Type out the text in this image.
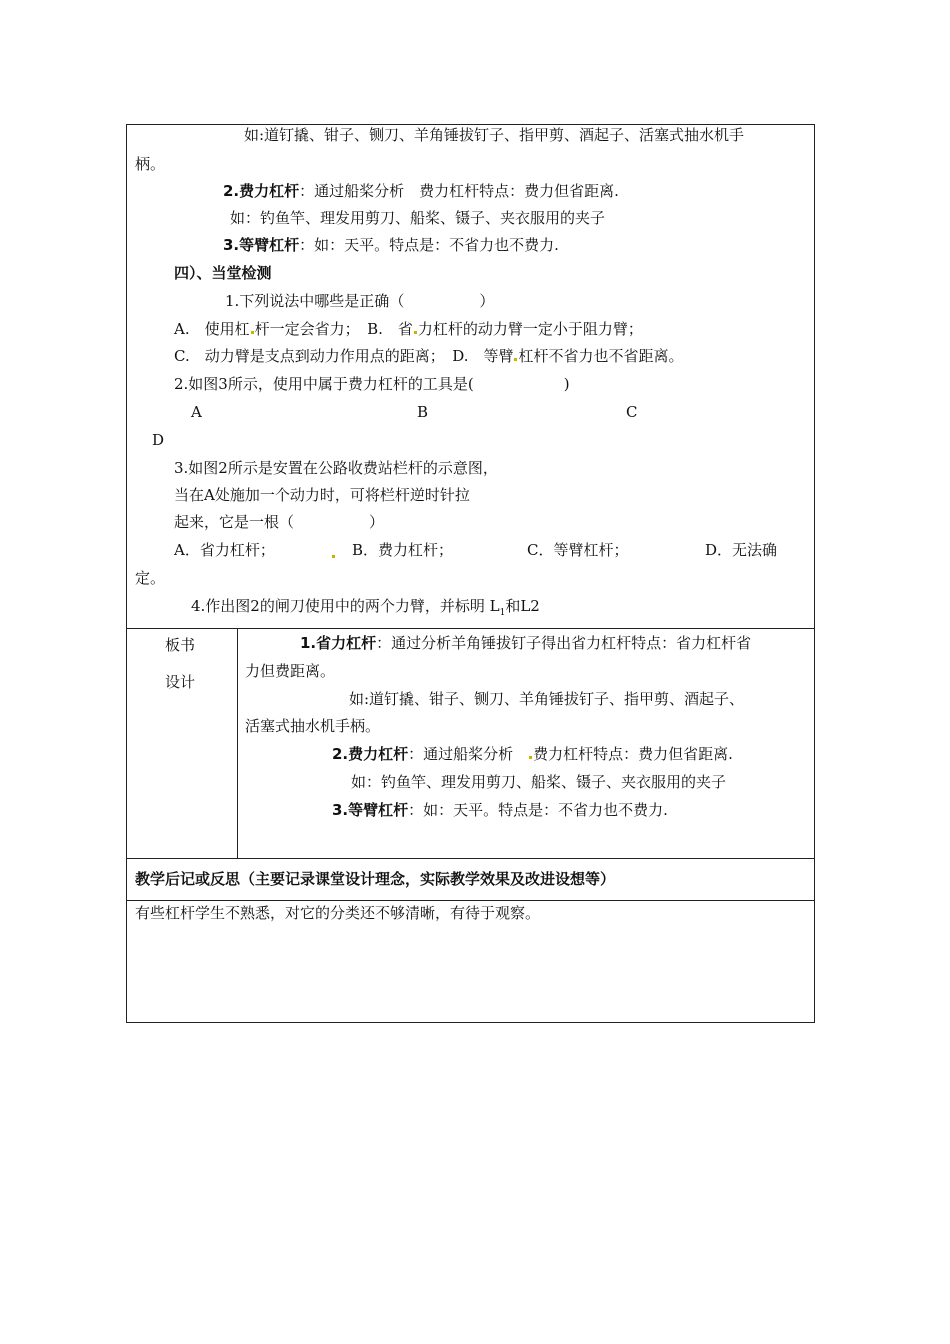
如:道钉撬、钳子、铡刀、羊角锤拔钉子、指甲剪、酒起子、活塞式抽水机手
柄。
2.费力杠杆：通过船桨分析　费力杠杆特点：费力但省距离.
如：钓鱼竿、理发用剪刀、船桨、镊子、夹衣服用的夹子
3.等臂杠杆：如：天平。特点是：不省力也不费力.
四）、当堂检测
1.下列说法中哪些是正确（　　　　　）
A.　使用杠 杆一定会省力；　B.　省 力杠杆的动力臂一定小于阻力臂；
C.　动力臂是支点到动力作用点的距离；　D.　等臂 杠杆不省力也不省距离。
2.如图3所示，使用中属于费力杠杆的工具是(　　　　　　)
A	B	C
D
3.如图2所示是安置在公路收费站栏杆的示意图，
当在A处施加一个动力时，可将栏杆逆时针拉
起来，它是一根（　　　　　）
A．省力杠杆；	B．费力杠杆；	C．等臂杠杆；	D．无法确
定。
4.作出图2的闸刀使用中的两个力臂，并标明 $L_1$和L2
板书
设计
1.省力杠杆：通过分析羊角锤拔钉子得出省力杠杆特点：省力杠杆省
力但费距离。
如:道钉撬、钳子、铡刀、羊角锤拔钉子、指甲剪、酒起子、
活塞式抽水机手柄。
2.费力杠杆：通过船桨分析　费力杠杆特点：费力但省距离.
如：钓鱼竿、理发用剪刀、船桨、镊子、夹衣服用的夹子
3.等臂杠杆：如：天平。特点是：不省力也不费力.
教学后记或反思（主要记录课堂设计理念，实际教学效果及改进设想等）
有些杠杆学生不熟悉，对它的分类还不够清晰，有待于观察。
